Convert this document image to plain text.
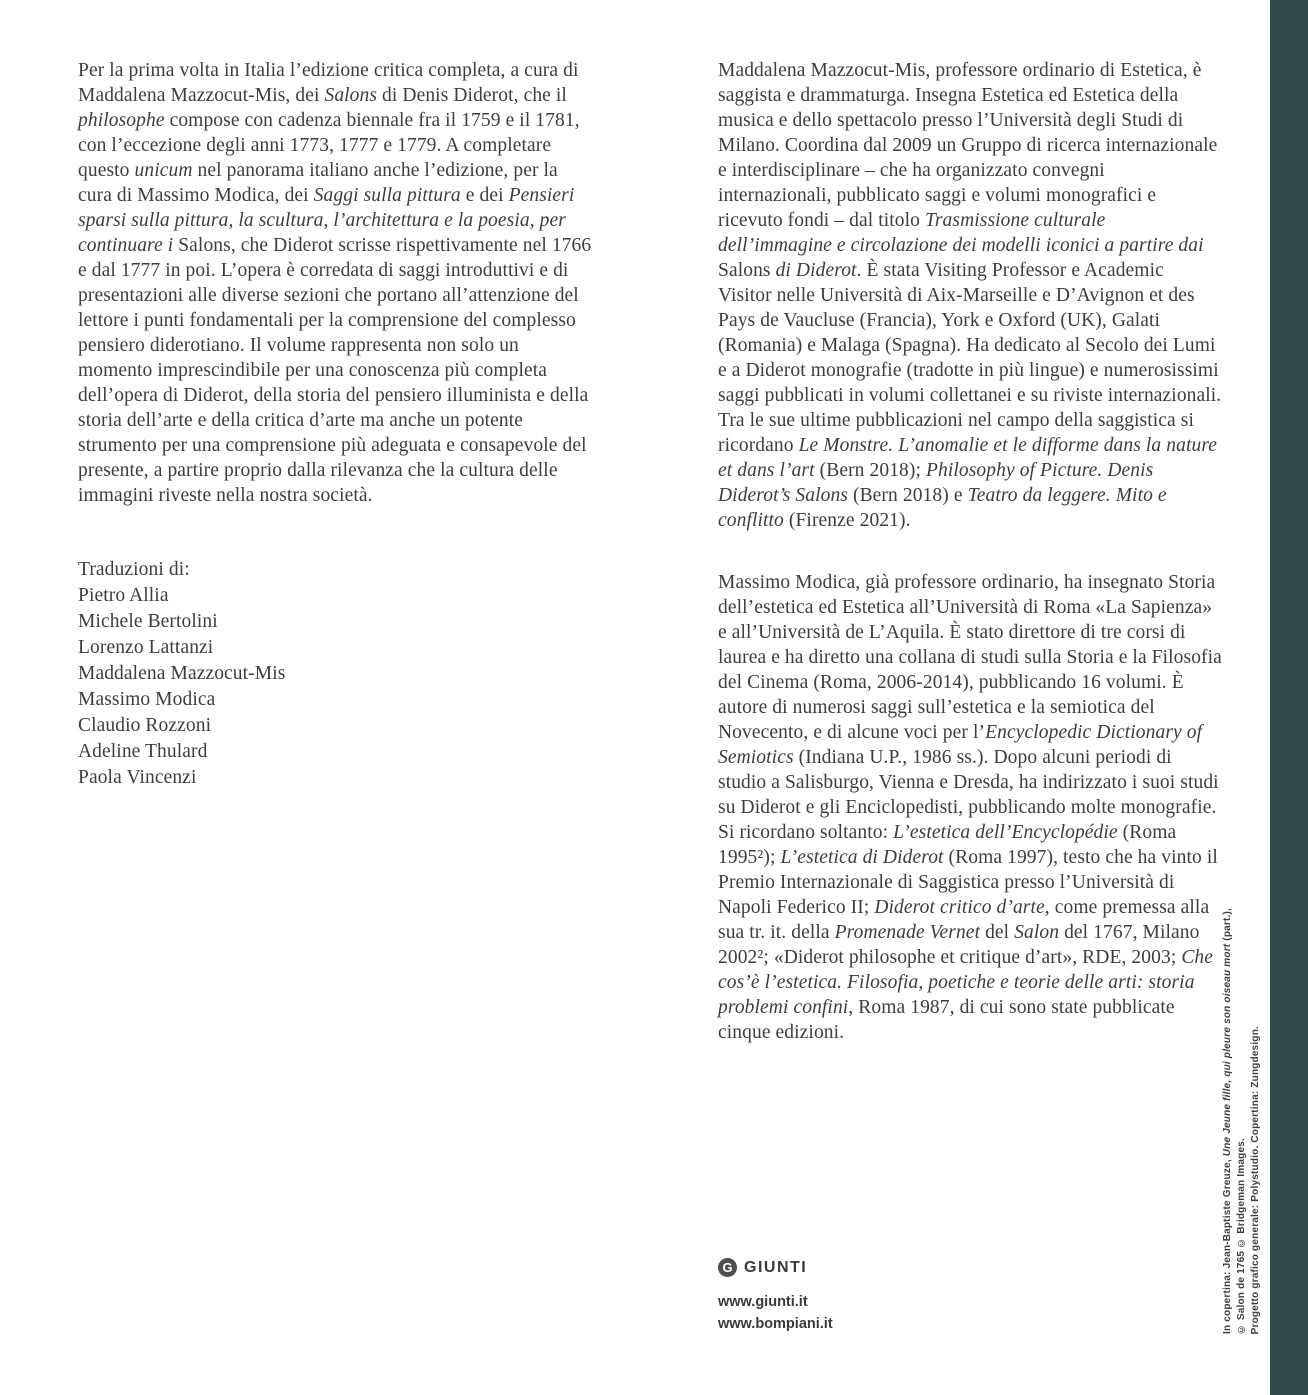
Per la prima volta in Italia l’edizione critica completa, a cura di Maddalena Mazzocut-Mis, dei Salons di Denis Diderot, che il philosophe compose con cadenza biennale fra il 1759 e il 1781, con l’eccezione degli anni 1773, 1777 e 1779. A completare questo unicum nel panorama italiano anche l’edizione, per la cura di Massimo Modica, dei Saggi sulla pittura e dei Pensieri sparsi sulla pittura, la scultura, l’architettura e la poesia, per continuare i Salons, che Diderot scrisse rispettivamente nel 1766 e dal 1777 in poi. L’opera è corredata di saggi introduttivi e di presentazioni alle diverse sezioni che portano all’attenzione del lettore i punti fondamentali per la comprensione del complesso pensiero diderotiano. Il volume rappresenta non solo un momento imprescindibile per una conoscenza più completa dell’opera di Diderot, della storia del pensiero illuminista e della storia dell’arte e della critica d’arte ma anche un potente strumento per una comprensione più adeguata e consapevole del presente, a partire proprio dalla rilevanza che la cultura delle immagini riveste nella nostra società.

Traduzioni di:
Pietro Allia
Michele Bertolini
Lorenzo Lattanzi
Maddalena Mazzocut-Mis
Massimo Modica
Claudio Rozzoni
Adeline Thulard
Paola Vincenzi

Maddalena Mazzocut-Mis, professore ordinario di Estetica, è saggista e drammaturga. Insegna Estetica ed Estetica della musica e dello spettacolo presso l’Università degli Studi di Milano. Coordina dal 2009 un Gruppo di ricerca internazionale e interdisciplinare – che ha organizzato convegni internazionali, pubblicato saggi e volumi monografici e ricevuto fondi – dal titolo Trasmissione culturale dell’immagine e circolazione dei modelli iconici a partire dai Salons di Diderot. È stata Visiting Professor e Academic Visitor nelle Università di Aix-Marseille e D’Avignon et des Pays de Vaucluse (Francia), York e Oxford (UK), Galati (Romania) e Malaga (Spagna). Ha dedicato al Secolo dei Lumi e a Diderot monografie (tradotte in più lingue) e numerosissimi saggi pubblicati in volumi collettanei e su riviste internazionali. Tra le sue ultime pubblicazioni nel campo della saggistica si ricordano Le Monstre. L’anomalie et le difforme dans la nature et dans l’art (Bern 2018); Philosophy of Picture. Denis Diderot’s Salons (Bern 2018) e Teatro da leggere. Mito e conflitto (Firenze 2021).

Massimo Modica, già professore ordinario, ha insegnato Storia dell’estetica ed Estetica all’Università di Roma «La Sapienza» e all’Università de L’Aquila. È stato direttore di tre corsi di laurea e ha diretto una collana di studi sulla Storia e la Filosofia del Cinema (Roma, 2006-2014), pubblicando 16 volumi. È autore di numerosi saggi sull’estetica e la semiotica del Novecento, e di alcune voci per l’Encyclopedic Dictionary of Semiotics (Indiana U.P., 1986 ss.). Dopo alcuni periodi di studio a Salisburgo, Vienna e Dresda, ha indirizzato i suoi studi su Diderot e gli Enciclopedisti, pubblicando molte monografie. Si ricordano soltanto: L’estetica dell’Encyclopédie (Roma 1995²); L’estetica di Diderot (Roma 1997), testo che ha vinto il Premio Internazionale di Saggistica presso l’Università di Napoli Federico II; Diderot critico d’arte, come premessa alla sua tr. it. della Promenade Vernet del Salon del 1767, Milano 2002²; «Diderot philosophe et critique d’art», RDE, 2003; Che cos’è l’estetica. Filosofia, poetiche e teorie delle arti: storia problemi confini, Roma 1987, di cui sono state pubblicate cinque edizioni.

G GIUNTI
www.giunti.it
www.bompiani.it	In copertina: Jean-Baptiste Greuze, Une Jeune fille, qui pleure son oiseau mort (part.),
© Salon de 1765 © Bridgeman Images. Progetto grafico generale: Polystudio. Copertina: Zungdesign.
